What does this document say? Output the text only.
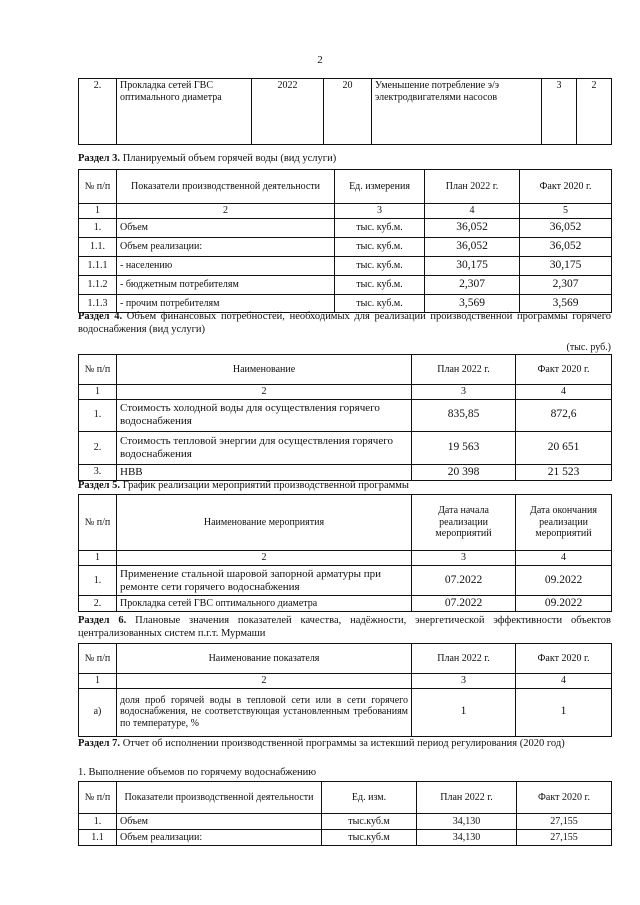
2
2.	Прокладка сетей ГВС оптимального диаметра	2022	20	Уменьшение потребление э/э электродвигателями насосов	3	2

Раздел 3. Планируемый объем горячей воды (вид услуги)

№ п/п	Показатели производственной деятельности	Ед. измерения	План 2022 г.	Факт 2020 г.
1	2	3	4	5
1.	Объем	тыс. куб.м.	36,052	36,052
1.1.	Объем реализации:	тыс. куб.м.	36,052	36,052
1.1.1	- населению	тыс. куб.м.	30,175	30,175
1.1.2	- бюджетным потребителям	тыс. куб.м.	2,307	2,307
1.1.3	- прочим потребителям	тыс. куб.м.	3,569	3,569

Раздел 4. Объем финансовых потребностей, необходимых для реализации производственной программы горячего водоснабжения (вид услуги)

(тыс. руб.)

№ п/п	Наименование	План 2022 г.	Факт 2020 г.
1	2	3	4
1.	Стоимость холодной воды для осуществления горячего водоснабжения	835,85	872,6
2.	Стоимость тепловой энергии для осуществления горячего водоснабжения	19 563	20 651
3.	НВВ	20 398	21 523

Раздел 5. График реализации мероприятий производственной программы

№ п/п	Наименование мероприятия	Дата начала реализации мероприятий	Дата окончания реализации мероприятий
1	2	3	4
1.	Применение стальной шаровой запорной арматуры при ремонте сети горячего водоснабжения	07.2022	09.2022
2.	Прокладка сетей ГВС оптимального диаметра	07.2022	09.2022

Раздел 6. Плановые значения показателей качества, надёжности, энергетической эффективности объектов централизованных систем п.г.т. Мурмаши

№ п/п	Наименование показателя	План 2022 г.	Факт 2020 г.
1	2	3	4
а)	доля проб горячей воды в тепловой сети или в сети горячего водоснабжения, не соответствующая установленным требованиям по температуре, %	1	1

Раздел 7. Отчет об исполнении производственной программы за истекший период регулирования (2020 год)

1. Выполнение объемов по горячему водоснабжению

№ п/п	Показатели производственной деятельности	Ед. изм.	План 2022 г.	Факт 2020 г.
1.	Объем	тыс.куб.м	34,130	27,155
1.1	Объем реализации:	тыс.куб.м	34,130	27,155
